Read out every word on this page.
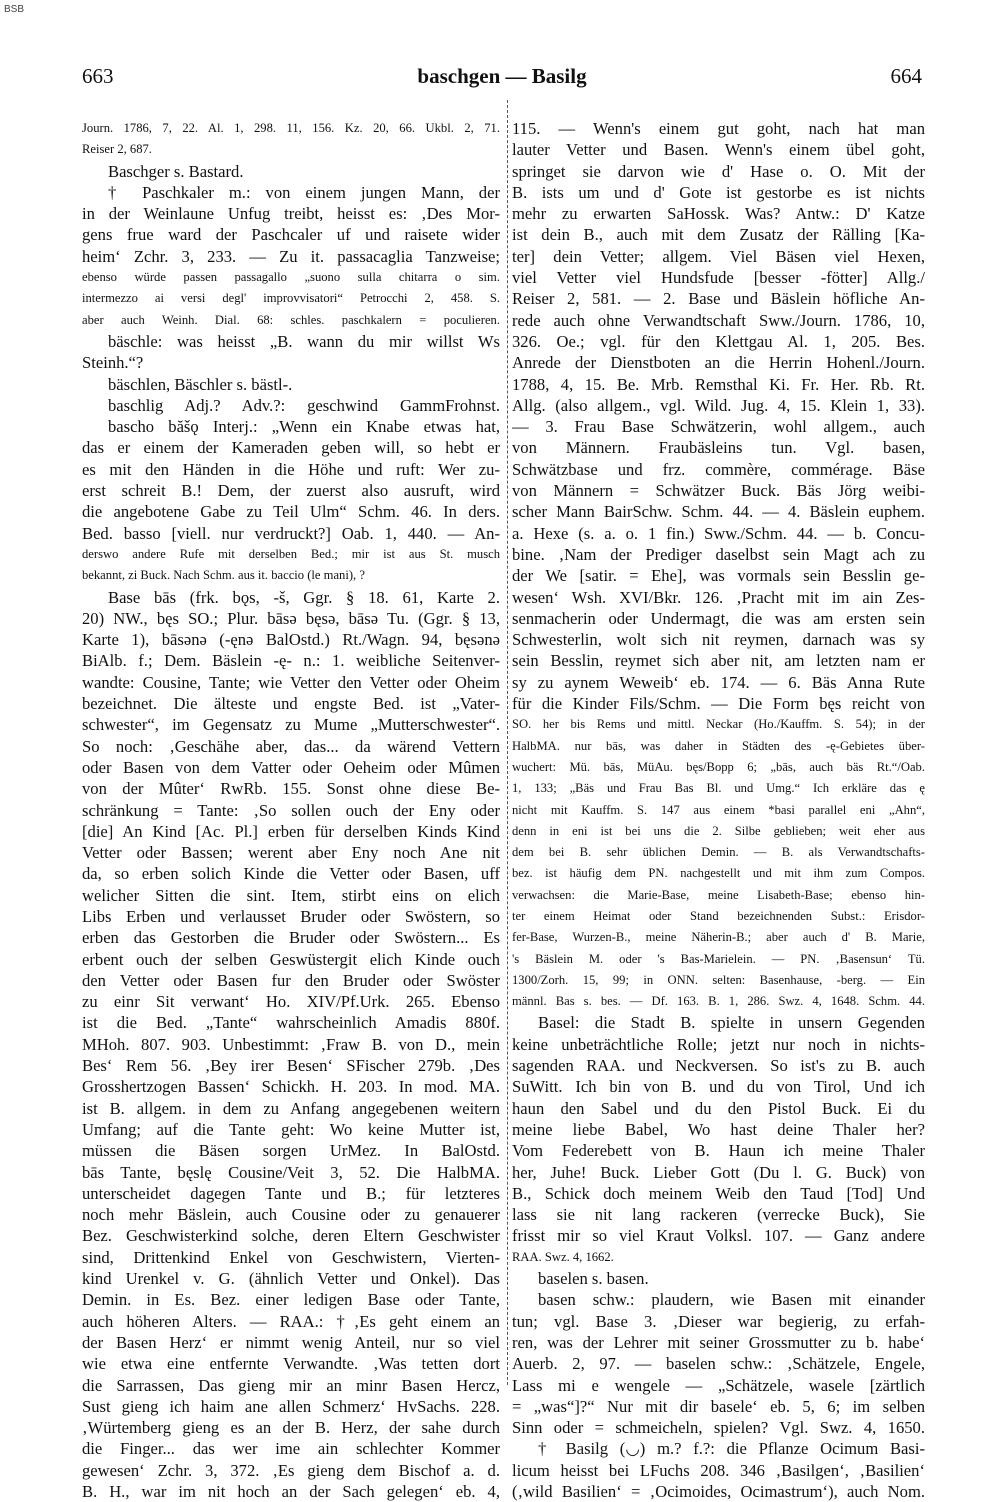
BSB
663	baschgen — Basilg	664
Journ. 1786, 7, 22. Al. 1, 298. 11, 156. Kz. 20, 66. Ukbl. 2, 71.
Reiser 2, 687.
Baschger s. Bastard.
† Paschkaler m.: von einem jungen Mann, der
in der Weinlaune Unfug treibt, heisst es: ‚Des Mor-
gens frue ward der Paschcaler uf und raisete wider
heim‘ Zchr. 3, 233. — Zu it. passacaglia Tanzweise;
ebenso würde passen passagallo „suono sulla chitarra o sim.
intermezzo ai versi degl' improvvisatori“ Petrocchi 2, 458. S.
aber auch Weinh. Dial. 68: schles. paschkalern = poculieren.
bäschle: was heisst „B. wann du mir willst Ws
Steinh.“?
bäschlen, Bäschler s. bästl-.
baschlig Adj.? Adv.?: geschwind GammFrohnst.
bascho băšǫ Interj.: „Wenn ein Knabe etwas hat,
das er einem der Kameraden geben will, so hebt er
es mit den Händen in die Höhe und ruft: Wer zu-
erst schreit B.! Dem, der zuerst also ausruft, wird
die angebotene Gabe zu Teil Ulm“ Schm. 46. In ders.
Bed. basso [viell. nur verdruckt?] Oab. 1, 440. — An-
derswo andere Rufe mit derselben Bed.; mir ist aus St. musch
bekannt, zi Buck. Nach Schm. aus it. baccio (le mani), ?
Base bās (frk. bǫs, -š, Ggr. § 18. 61, Karte 2.
20) NW., bęs SO.; Plur. bāsə bęsə, bāsə Tu. (Ggr. § 13,
Karte 1), bāsənə (-ęnə BalOstd.) Rt./Wagn. 94, bęsənə
BiAlb. f.; Dem. Bäslein -ę- n.: 1. weibliche Seitenver-
wandte: Cousine, Tante; wie Vetter den Vetter oder Oheim
bezeichnet. Die älteste und engste Bed. ist „Vater-
schwester“, im Gegensatz zu Mume „Mutterschwester“.
So noch: ‚Geschähe aber, das... da wärend Vettern
oder Basen von dem Vatter oder Oeheim oder Mûmen
von der Mûter‘ RwRb. 155. Sonst ohne diese Be-
schränkung = Tante: ‚So sollen ouch der Eny oder
[die] An Kind [Ac. Pl.] erben für derselben Kinds Kind
Vetter oder Bassen; werent aber Eny noch Ane nit
da, so erben solich Kinde die Vetter oder Basen, uff
welicher Sitten die sint. Item, stirbt eins on elich
Libs Erben und verlausset Bruder oder Swöstern, so
erben das Gestorben die Bruder oder Swöstern... Es
erbent ouch der selben Geswüstergit elich Kinde ouch
den Vetter oder Basen fur den Bruder oder Swöster
zu einr Sit verwant‘ Ho. XIV/Pf.Urk. 265. Ebenso
ist die Bed. „Tante“ wahrscheinlich Amadis 880f.
MHoh. 807. 903. Unbestimmt: ‚Fraw B. von D., mein
Bes‘ Rem 56. ‚Bey irer Besen‘ SFischer 279b. ‚Des
Grosshertzogen Bassen‘ Schickh. H. 203. In mod. MA.
ist B. allgem. in dem zu Anfang angegebenen weitern
Umfang; auf die Tante geht: Wo keine Mutter ist,
müssen die Bäsen sorgen UrMez. In BalOstd.
bās Tante, bęslę Cousine/Veit 3, 52. Die HalbMA.
unterscheidet dagegen Tante und B.; für letzteres
noch mehr Bäslein, auch Cousine oder zu genauerer
Bez. Geschwisterkind solche, deren Eltern Geschwister
sind, Drittenkind Enkel von Geschwistern, Vierten-
kind Urenkel v. G. (ähnlich Vetter und Onkel). Das
Demin. in Es. Bez. einer ledigen Base oder Tante,
auch höheren Alters. — RAA.: †‚Es geht einem an
der Basen Herz‘ er nimmt wenig Anteil, nur so viel
wie etwa eine entfernte Verwandte. ‚Was tetten dort
die Sarrassen, Das gieng mir an minr Basen Hercz,
Sust gieng ich haim ane allen Schmerz‘ HvSachs. 228.
‚Würtemberg gieng es an der B. Herz, der sahe durch
die Finger... das wer ime ain schlechter Kommer
gewesen‘ Zchr. 3, 372. ‚Es gieng dem Bischof a. d.
B. H., war im nit hoch an der Sach gelegen‘ eb. 4,
115. — Wenn's einem gut goht, nach hat man
lauter Vetter und Basen. Wenn's einem übel goht,
springet sie darvon wie d' Hase o. O. Mit der
B. ists um und d' Gote ist gestorbe es ist nichts
mehr zu erwarten SaHossk. Was? Antw.: D' Katze
ist dein B., auch mit dem Zusatz der Rälling [Ka-
ter] dein Vetter; allgem. Viel Bäsen viel Hexen,
viel Vetter viel Hundsfude [besser -fötter] Allg./
Reiser 2, 581. — 2. Base und Bäslein höfliche An-
rede auch ohne Verwandtschaft Sww./Journ. 1786, 10,
326. Oe.; vgl. für den Klettgau Al. 1, 205. Bes.
Anrede der Dienstboten an die Herrin Hohenl./Journ.
1788, 4, 15. Be. Mrb. Remsthal Ki. Fr. Her. Rb. Rt.
Allg. (also allgem., vgl. Wild. Jug. 4, 15. Klein 1, 33).
— 3. Frau Base Schwätzerin, wohl allgem., auch
von Männern. Fraubäsleins tun. Vgl. basen,
Schwätzbase und frz. commère, commérage. Bäse
von Männern = Schwätzer Buck. Bäs Jörg weibi-
scher Mann BairSchw. Schm. 44. — 4. Bäslein euphem.
a. Hexe (s. a. o. 1 fin.) Sww./Schm. 44. — b. Concu-
bine. ‚Nam der Prediger daselbst sein Magt ach zu
der We [satir. = Ehe], was vormals sein Besslin ge-
wesen‘ Wsh. XVI/Bkr. 126. ‚Pracht mit im ain Zes-
senmacherin oder Undermagt, die was am ersten sein
Schwesterlin, wolt sich nit reymen, darnach was sy
sein Besslin, reymet sich aber nit, am letzten nam er
sy zu aynem Weweib‘ eb. 174. — 6. Bäs Anna Rute
für die Kinder Fils/Schm. — Die Form bęs reicht von
SO. her bis Rems und mittl. Neckar (Ho./Kauffm. S. 54); in der
HalbMA. nur bās, was daher in Städten des -ę-Gebietes über-
wuchert: Mü. bās, MüAu. bęs/Bopp 6; „bās, auch bäs Rt.“/Oab.
1, 133; „Bäs und Frau Bas Bl. und Umg.“ Ich erkläre das ę
nicht mit Kauffm. S. 147 aus einem *basi parallel eni „Ahn“,
denn in eni ist bei uns die 2. Silbe geblieben; weit eher aus
dem bei B. sehr üblichen Demin. — B. als Verwandtschafts-
bez. ist häufig dem PN. nachgestellt und mit ihm zum Compos.
verwachsen: die Marie-Base, meine Lisabeth-Base; ebenso hin-
ter einem Heimat oder Stand bezeichnenden Subst.: Erisdor-
fer-Base, Wurzen-B., meine Näherin-B.; aber auch d' B. Marie,
's Bäslein M. oder 's Bas-Marielein. — PN. ‚Basensun‘ Tü.
1300/Zorh. 15, 99; in ONN. selten: Basenhause, -berg. — Ein
männl. Bas s. bes. — Df. 163. B. 1, 286. Swz. 4, 1648. Schm. 44.
Basel: die Stadt B. spielte in unsern Gegenden
keine unbeträchtliche Rolle; jetzt nur noch in nichts-
sagenden RAA. und Neckversen. So ist's zu B. auch
SuWitt. Ich bin von B. und du von Tirol, Und ich
haun den Sabel und du den Pistol Buck. Ei du
meine liebe Babel, Wo hast deine Thaler her?
Vom Federebett von B. Haun ich meine Thaler
her, Juhe! Buck. Lieber Gott (Du l. G. Buck) von
B., Schick doch meinem Weib den Taud [Tod] Und
lass sie nit lang rackeren (verrecke Buck), Sie
frisst mir so viel Kraut Volksl. 107. — Ganz andere
RAA. Swz. 4, 1662.
baselen s. basen.
basen schw.: plaudern, wie Basen mit einander
tun; vgl. Base 3. ‚Dieser war begierig, zu erfah-
ren, was der Lehrer mit seiner Grossmutter zu b. habe‘
Auerb. 2, 97. — baselen schw.: ‚Schätzele, Engele,
Lass mi e wengele — „Schätzele, wasele [zärtlich
= „was“]?“ Nur mit dir basele‘ eb. 5, 6; im selben
Sinn oder = schmeicheln, spielen? Vgl. Swz. 4, 1650.
† Basilg (◡) m.? f.?: die Pflanze Ocimum Basi-
licum heisst bei LFuchs 208. 346 ‚Basilgen‘, ‚Basilien‘
(‚wild Basilien‘ = ‚Ocimoides, Ocimastrum‘), auch Nom.
